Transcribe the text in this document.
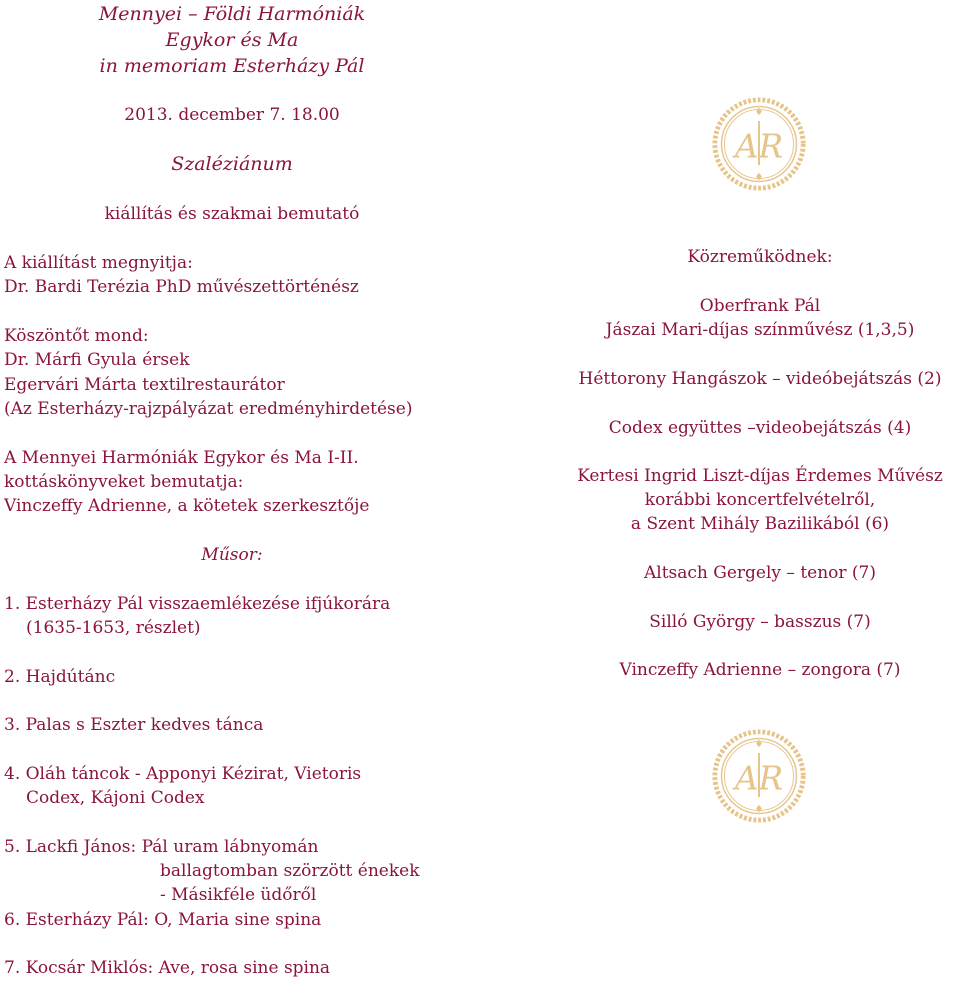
Mennyei – Földi Harmóniák
Egykor és Ma
in memoriam Esterházy Pál
2013. december 7. 18.00
Szaléziánum
kiállítás és szakmai bemutató
A kiállítást megnyitja:
Dr. Bardi Terézia PhD művészettörténész
Köszöntőt mond:
Dr. Márfi Gyula érsek
Egervári Márta textilrestaurátor
(Az Esterházy-rajzpályázat eredményhirdetése)
A Mennyei Harmóniák Egykor és Ma I-II.
kottáskönyveket bemutatja:
Vinczeffy Adrienne, a kötetek szerkesztője
Műsor:
1. Esterházy Pál visszaemlékezése ifjúkorára
(1635-1653, részlet)
2. Hajdútánc
3. Palas s Eszter kedves tánca
4. Oláh táncok - Apponyi Kézirat, Vietoris
Codex, Kájoni Codex
5. Lackfi János: Pál uram lábnyomán
ballagtomban szörzött énekek
- Másikféle üdőről
6. Esterházy Pál: O, Maria sine spina
7. Kocsár Miklós: Ave, rosa sine spina
Közreműködnek:
Oberfrank Pál
Jászai Mari-díjas színművész (1,3,5)
Héttorony Hangászok – videóbejátszás (2)
Codex együttes –videobejátszás (4)
Kertesi Ingrid Liszt-díjas Érdemes Művész
korábbi koncertfelvételről,
a Szent Mihály Bazilikából (6)
Altsach Gergely – tenor (7)
Silló György – basszus (7)
Vinczeffy Adrienne – zongora (7)
AR
AR
